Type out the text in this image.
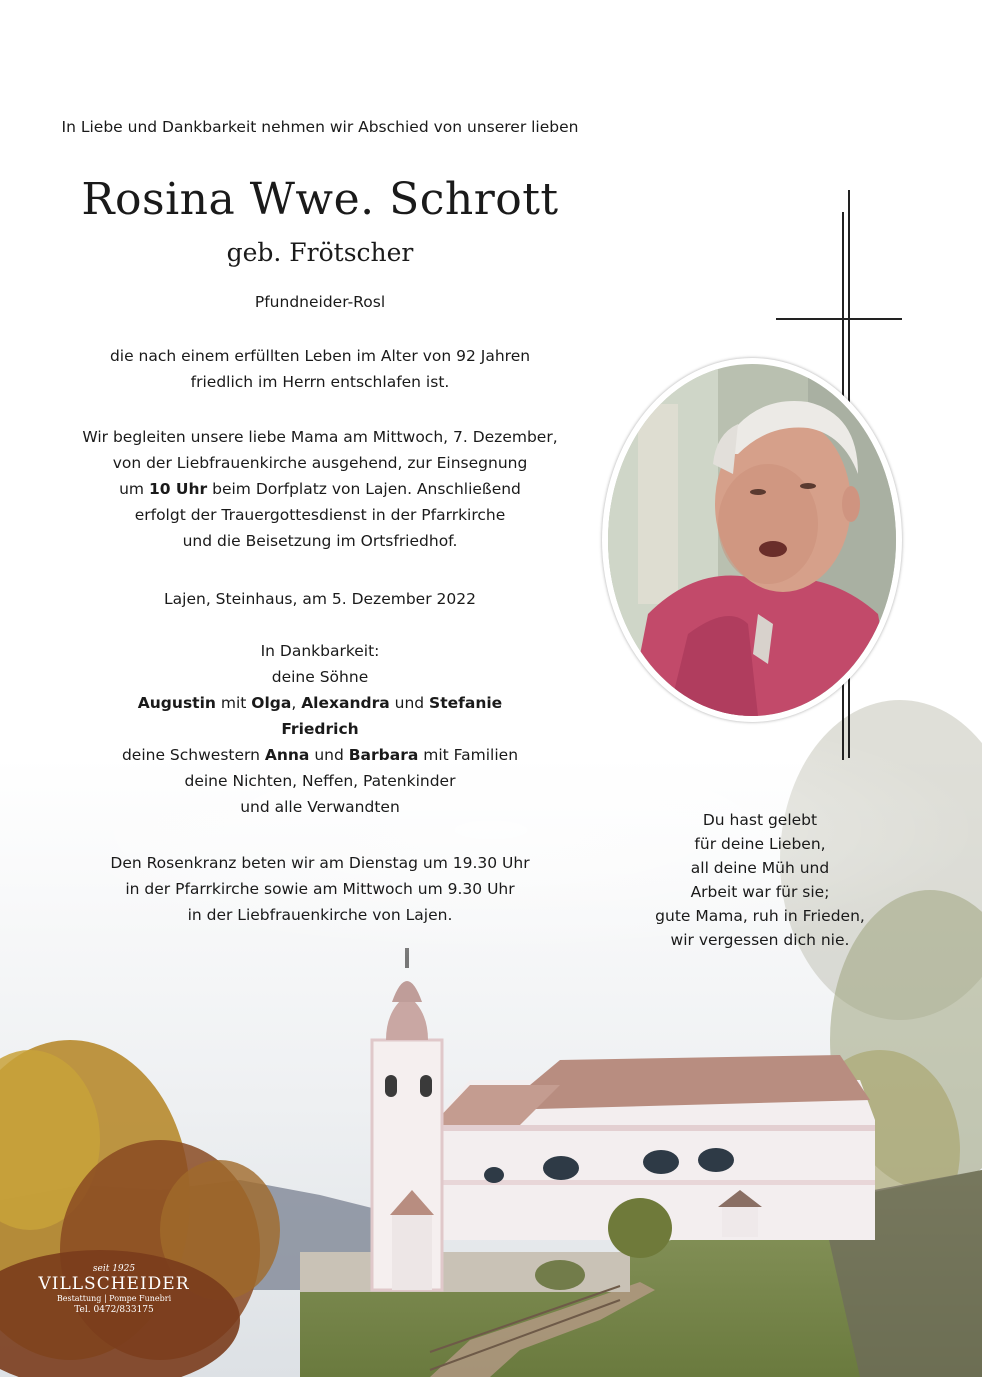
In Liebe und Dankbarkeit nehmen wir Abschied von unserer lieben
Rosina Wwe. Schrott
geb. Frötscher
Pfundneider-Rosl
die nach einem erfüllten Leben im Alter von 92 Jahren
friedlich im Herrn entschlafen ist.
Wir begleiten unsere liebe Mama am Mittwoch, 7. Dezember,
von der Liebfrauenkirche ausgehend, zur Einsegnung
um 10 Uhr beim Dorfplatz von Lajen. Anschließend
erfolgt der Trauergottesdienst in der Pfarrkirche
und die Beisetzung im Ortsfriedhof.
Lajen, Steinhaus, am 5. Dezember 2022
In Dankbarkeit:
deine Söhne
Augustin mit Olga, Alexandra und Stefanie
Friedrich
deine Schwestern Anna und Barbara mit Familien
deine Nichten, Neffen, Patenkinder
und alle Verwandten
Den Rosenkranz beten wir am Dienstag um 19.30 Uhr
in der Pfarrkirche sowie am Mittwoch um 9.30 Uhr
in der Liebfrauenkirche von Lajen.
Du hast gelebt
für deine Lieben,
all deine Müh und
Arbeit war für sie;
gute Mama, ruh in Frieden,
wir vergessen dich nie.
seit 1925
VILLSCHEIDER
Bestattung | Pompe Funebri
Tel. 0472/833175
